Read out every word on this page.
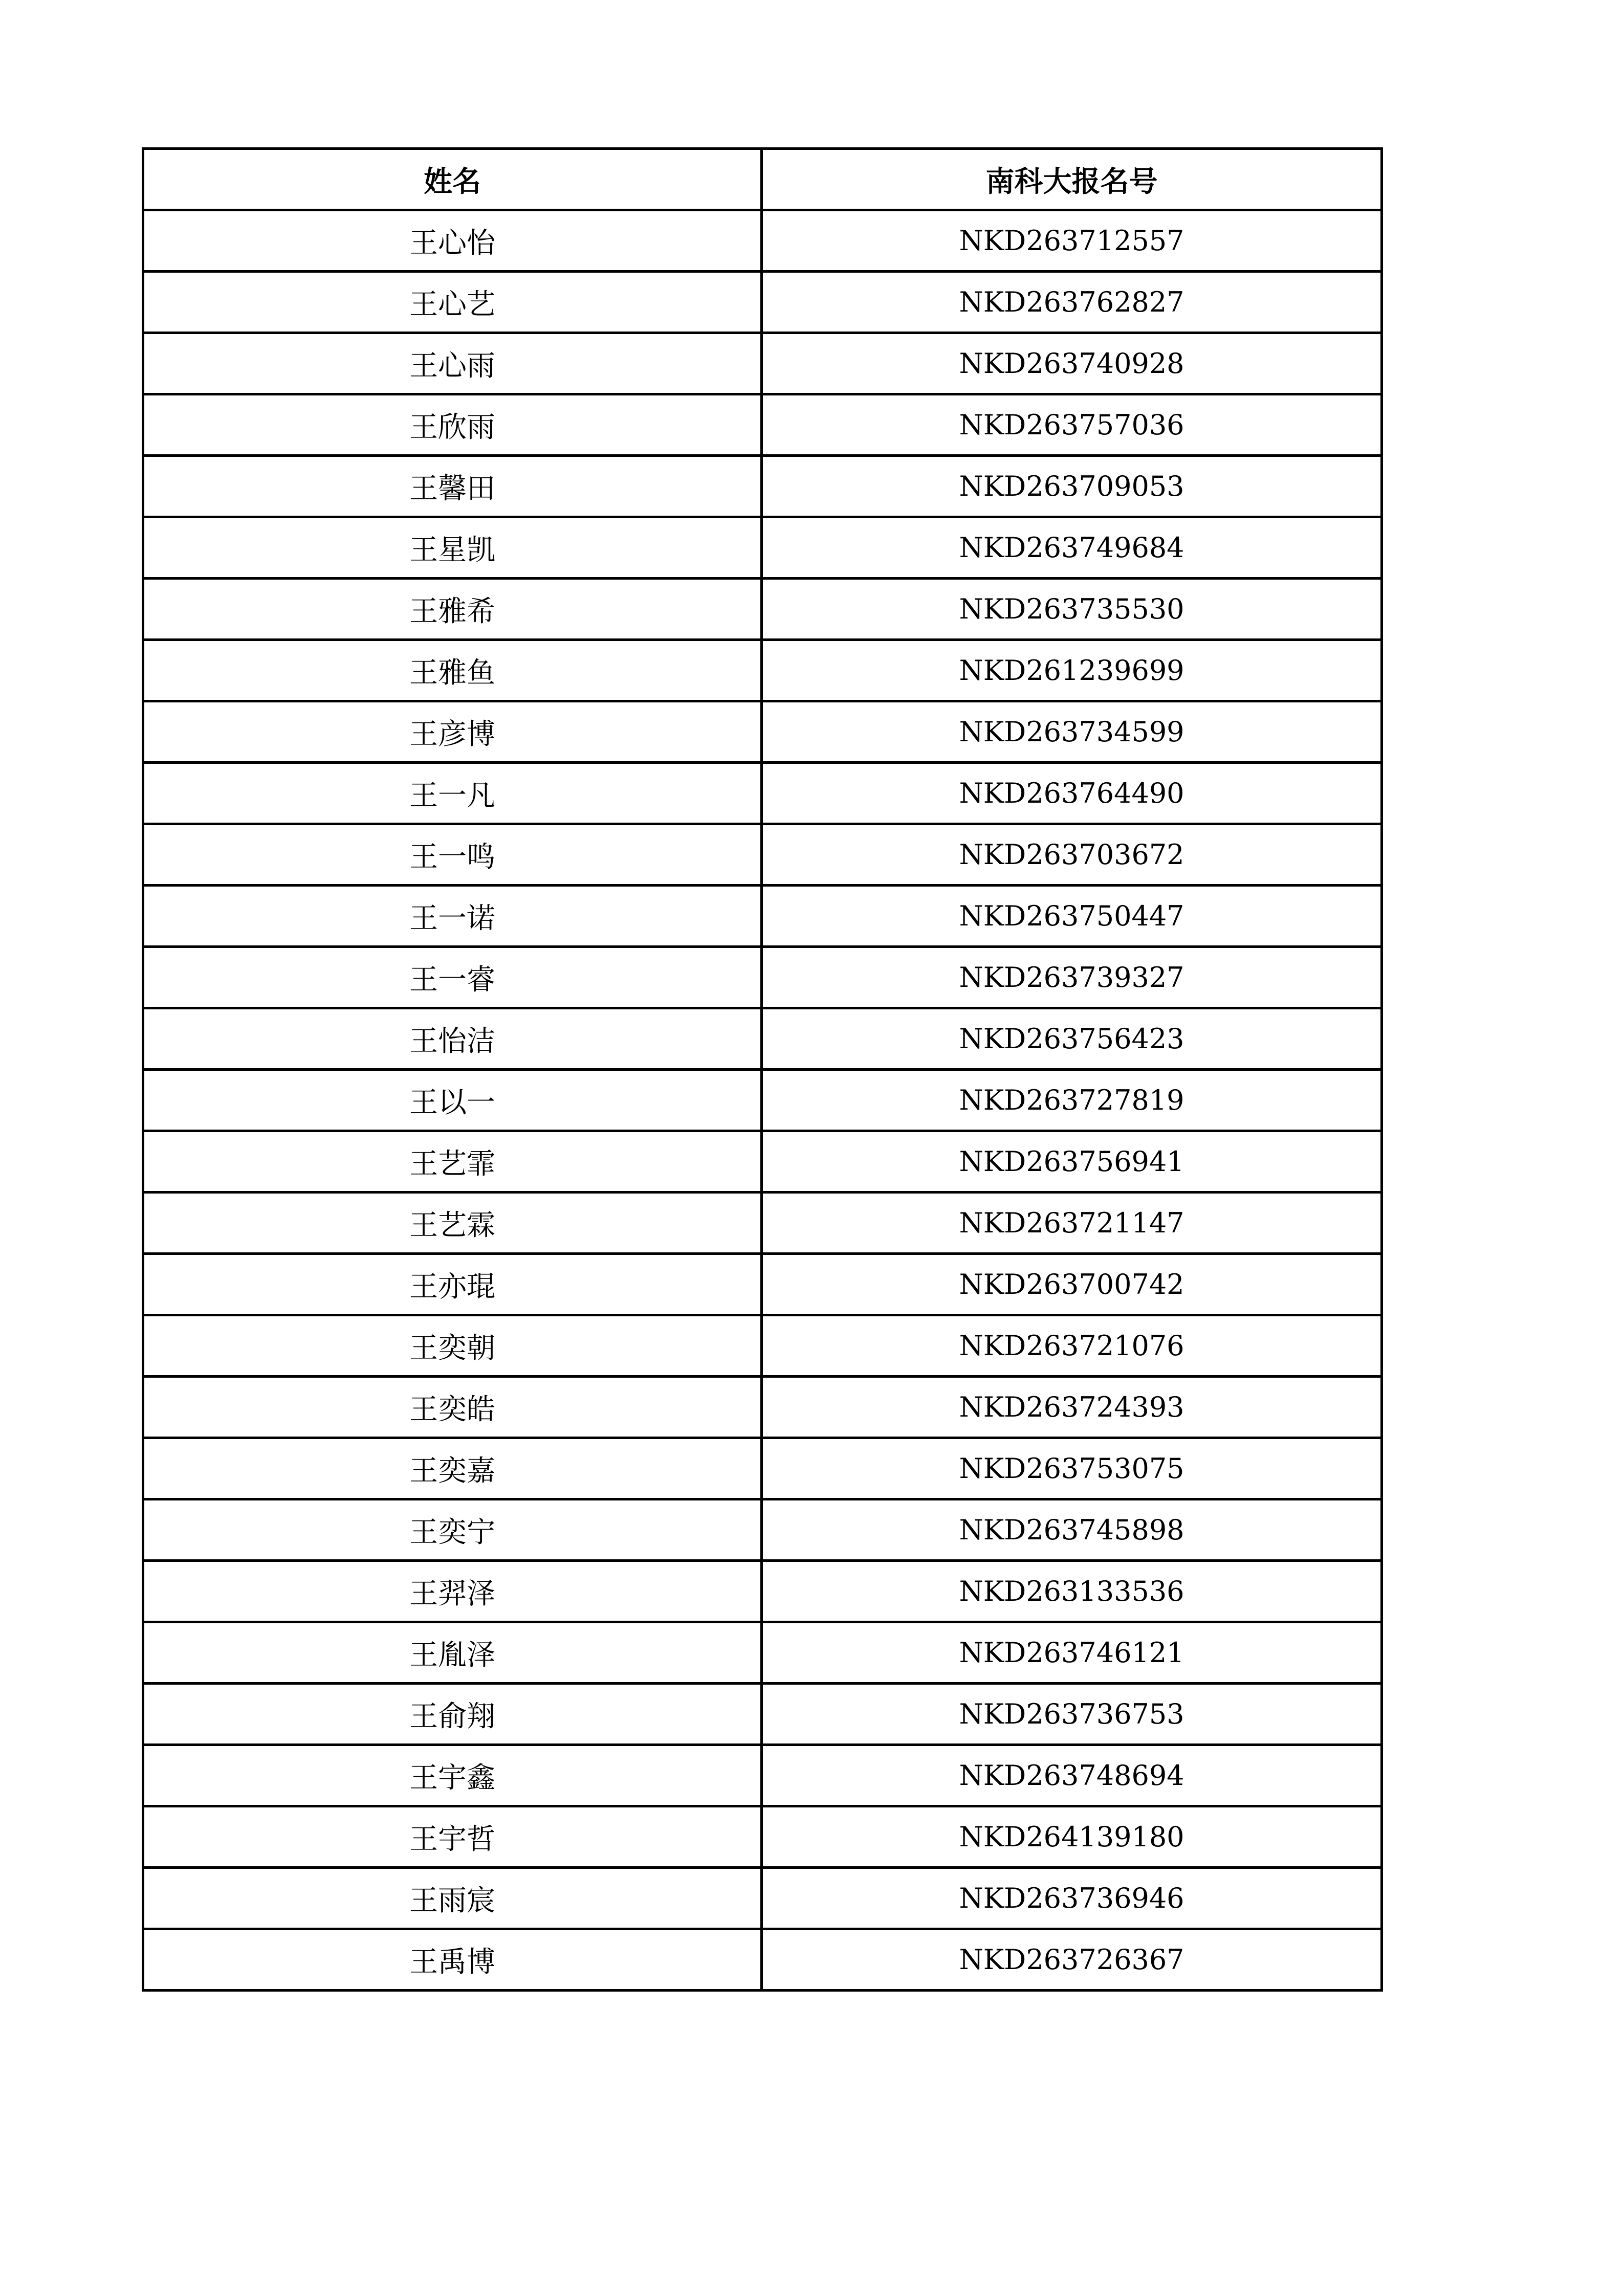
姓名	南科大报名号
王心怡	NKD263712557
王心艺	NKD263762827
王心雨	NKD263740928
王欣雨	NKD263757036
王馨田	NKD263709053
王星凯	NKD263749684
王雅希	NKD263735530
王雅鱼	NKD261239699
王彦博	NKD263734599
王一凡	NKD263764490
王一鸣	NKD263703672
王一诺	NKD263750447
王一睿	NKD263739327
王怡洁	NKD263756423
王以一	NKD263727819
王艺霏	NKD263756941
王艺霖	NKD263721147
王亦琨	NKD263700742
王奕朝	NKD263721076
王奕皓	NKD263724393
王奕嘉	NKD263753075
王奕宁	NKD263745898
王羿泽	NKD263133536
王胤泽	NKD263746121
王俞翔	NKD263736753
王宇鑫	NKD263748694
王宇哲	NKD264139180
王雨宸	NKD263736946
王禹博	NKD263726367
